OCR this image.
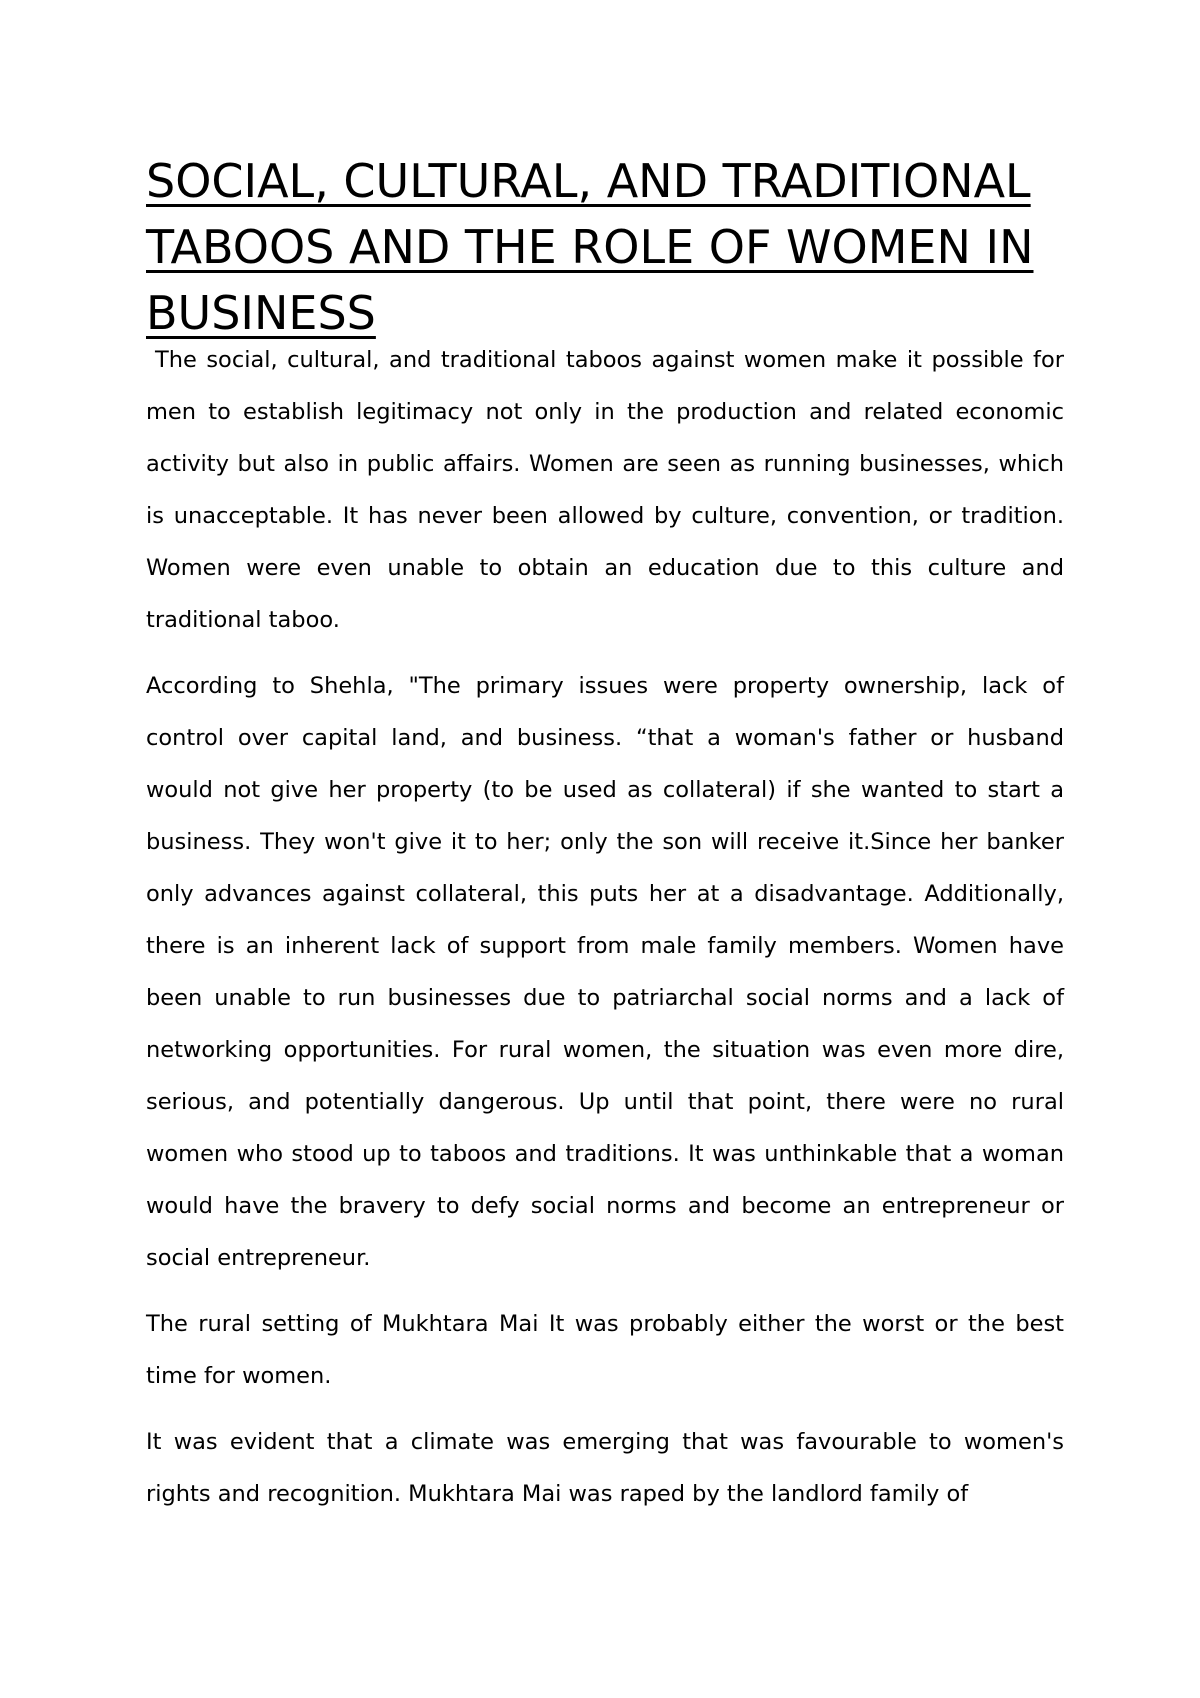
SOCIAL, CULTURAL, AND TRADITIONAL TABOOS AND THE ROLE OF WOMEN IN BUSINESS

The social, cultural, and traditional taboos against women make it possible for men to establish legitimacy not only in the production and related economic activity but also in public affairs. Women are seen as running businesses, which is unacceptable. It has never been allowed by culture, convention, or tradition. Women were even unable to obtain an education due to this culture and traditional taboo.

According to Shehla, "The primary issues were property ownership, lack of control over capital land, and business. “that a woman's father or husband would not give her property (to be used as collateral) if she wanted to start a business. They won't give it to her; only the son will receive it.Since her banker only advances against collateral, this puts her at a disadvantage. Additionally, there is an inherent lack of support from male family members. Women have been unable to run businesses due to patriarchal social norms and a lack of networking opportunities. For rural women, the situation was even more dire, serious, and potentially dangerous. Up until that point, there were no rural women who stood up to taboos and traditions. It was unthinkable that a woman would have the bravery to defy social norms and become an entrepreneur or social entrepreneur.

The rural setting of Mukhtara Mai It was probably either the worst or the best time for women.

It was evident that a climate was emerging that was favourable to women's rights and recognition. Mukhtara Mai was raped by the landlord family of
